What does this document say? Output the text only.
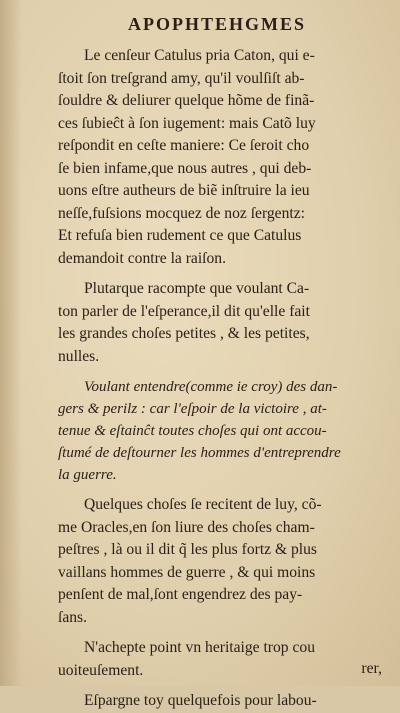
APOPHTEHGMES

Le cenſeur Catulus pria Caton, qui e-
ſtoit ſon treſgrand amy, qu'il voulſiſt ab-
ſouldre & deliurer quelque hõme de finã-
ces ſubieĉt à ſon iugement: mais Catõ luy
reſpondit en ceſte maniere: Ce ſeroit cho
ſe bien infame,que nous autres , qui deb-
uons eſtre autheurs de biẽ inſtruire la ieu
neſſe,fuſsions mocquez de noz ſergentz:
Et refuſa bien rudement ce que Catulus
demandoit contre la raiſon.

Plutarque racompte que voulant Ca-
ton parler de l'eſperance,il dit qu'elle fait
les grandes choſes petites , & les petites,
nulles.

Voulant entendre(comme ie croy) des dan-
gers & perilz : car l'eſpoir de la victoire , at-
tenue & eſtainĉt toutes choſes qui ont accou-
ſtumé de deſtourner les hommes d'entreprendre
la guerre.

Quelques choſes ſe recitent de luy, cõ-
me Oracles,en ſon liure des choſes cham-
peſtres , là ou il dit q̃ les plus fortz & plus
vaillans hommes de guerre , & qui moins
penſent de mal,ſont engendrez des pay-
ſans.

N'achepte point vn heritaige trop cou
uoiteuſement.

Eſpargne toy quelquefois pour labou-

rer,
